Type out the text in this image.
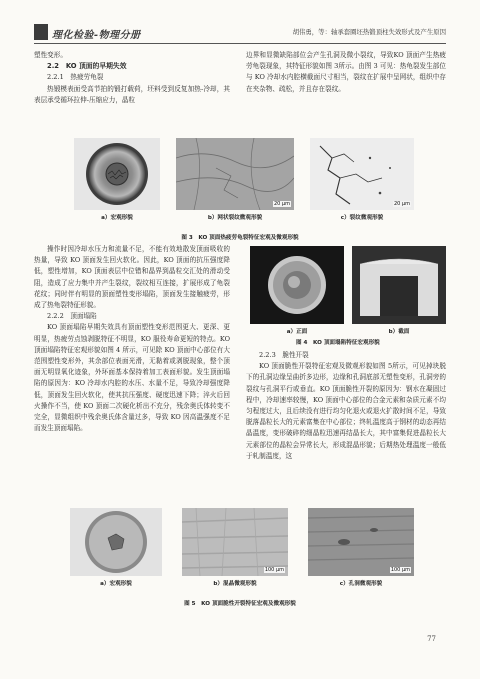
理化检验-物理分册	胡伟勇，等：轴承套圈坯热锻顶柱失效形式及产生原因

塑性变形。

2.2　KO 顶面的早期失效

2.2.1　热疲劳龟裂

热锻模表面受高节拍的锻打载荷，坯料受到反复加热-冷却，其表层承受循环拉伸-压缩应力，晶粒

边界和显微缺陷部位会产生孔洞及微小裂纹，导致KO 顶面产生热疲劳龟裂现象，其特征形貌如图 3所示。由图 3 可见：热龟裂发生部位与 KO 冷却水内腔横截面尺寸相当，裂纹在扩展中呈网状，组织中存在夹杂物、疏松，并且存在裂纹。

20 µm	20 µm
a）宏观形貌	b）网状裂纹微观形貌	c）裂纹微观形貌
图 3　KO 顶面热疲劳龟裂特征宏观及微观形貌

操作时因冷却水压力和流量不足，不能有效地散发顶面吸收的热量，导致 KO 顶面发生回火软化。因此，KO 顶面的抗压强度降低，塑性增加，KO 顶面表层中位错和晶界到晶粒交汇处的滑动受阻，造成了应力集中并产生裂纹，裂纹相互连接，扩展形成了龟裂花纹；同时伴有明显的顶面塑性变形塌陷，顶面发生接触疲劳，形成了热龟裂特征形貌。

2.2.2　顶面塌陷

KO 顶面塌陷早期失效具有顶面塑性变形范围更大、更深、更明显，热疲劳点蚀剥脱特征不明显，KO 服役寿命更短的特点。KO 顶面塌陷特征宏观形貌如图 4 所示，可见除 KO 顶面中心部位有大范围塑性变形外，其余部位表面光滑，无黏着或剥脱现象，整个顶面无明显氧化迹象，外环面基本保持着加工表面形貌。发生顶面塌陷的原因为：KO 冷却水内腔的水压、水量不足，导致冷却强度降低，顶面发生回火软化，使其抗压强度、硬度迅速下降；淬火后回火操作不当，使 KO 顶面二次硬化析出不充分，残余奥氏体转变不完全，显微组织中残余奥氏体含量过多，导致 KO 因高温强度不足而发生顶面塌陷。

a）正面	b）截面
图 4　KO 顶面塌陷特征宏观形貌

2.2.3　脆性开裂

KO 顶面脆性开裂特征宏观及微观形貌如图 5所示，可见掉块脱下的孔洞边缘呈曲折多边形，边缘和孔洞底部无塑性变形，孔洞旁的裂纹与孔洞平行或垂直。KO 顶面脆性开裂的原因为：钢水在凝固过程中，冷却速率较慢，KO 顶面中心部位的合金元素和杂质元素不均匀程度过大，且后续没有进行均匀化退火或退火扩散时间不足，导致脱落晶粒长大的元素富集在中心部位；终轧温度高于钢材的动态再结晶温度，变形破碎的细晶粒迅速再结晶长大，其中富集促进晶粒长大元素部位的晶粒会异常长大，形成混晶形貌；后期热处理温度一般低于轧制温度，这

100 µm	100 µm
a）宏观形貌	b）混晶微观形貌	c）孔洞微观形貌
图 5　KO 顶面脆性开裂特征宏观及微观形貌
77
